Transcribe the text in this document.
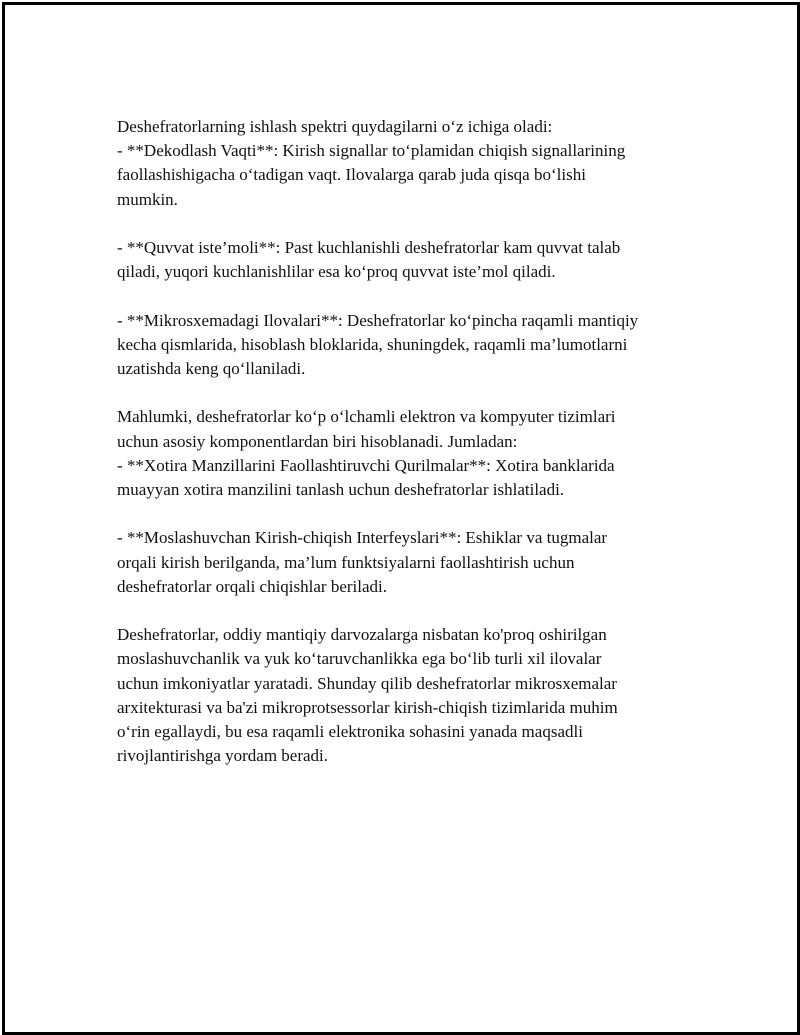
Deshefratorlarning ishlash spektri quydagilarni o‘z ichiga oladi:
- **Dekodlash Vaqti**: Kirish signallar to‘plamidan chiqish signallarining
faollashishigacha o‘tadigan vaqt. Ilovalarga qarab juda qisqa bo‘lishi
mumkin.

- **Quvvat iste’moli**: Past kuchlanishli deshefratorlar kam quvvat talab
qiladi, yuqori kuchlanishlilar esa ko‘proq quvvat iste’mol qiladi.

- **Mikrosxemadagi Ilovalari**: Deshefratorlar ko‘pincha raqamli mantiqiy
kecha qismlarida, hisoblash bloklarida, shuningdek, raqamli ma’lumotlarni
uzatishda keng qo‘llaniladi.

Mahlumki, deshefratorlar ko‘p o‘lchamli elektron va kompyuter tizimlari
uchun asosiy komponentlardan biri hisoblanadi. Jumladan:
- **Xotira Manzillarini Faollashtiruvchi Qurilmalar**: Xotira banklarida
muayyan xotira manzilini tanlash uchun deshefratorlar ishlatiladi.

- **Moslashuvchan Kirish-chiqish Interfeyslari**: Eshiklar va tugmalar
orqali kirish berilganda, ma’lum funktsiyalarni faollashtirish uchun
deshefratorlar orqali chiqishlar beriladi.

Deshefratorlar, oddiy mantiqiy darvozalarga nisbatan ko'proq oshirilgan
moslashuvchanlik va yuk ko‘taruvchanlikka ega bo‘lib turli xil ilovalar
uchun imkoniyatlar yaratadi. Shunday qilib deshefratorlar mikrosxemalar
arxitekturasi va ba'zi mikroprotsessorlar kirish-chiqish tizimlarida muhim
o‘rin egallaydi, bu esa raqamli elektronika sohasini yanada maqsadli
rivojlantirishga yordam beradi.
